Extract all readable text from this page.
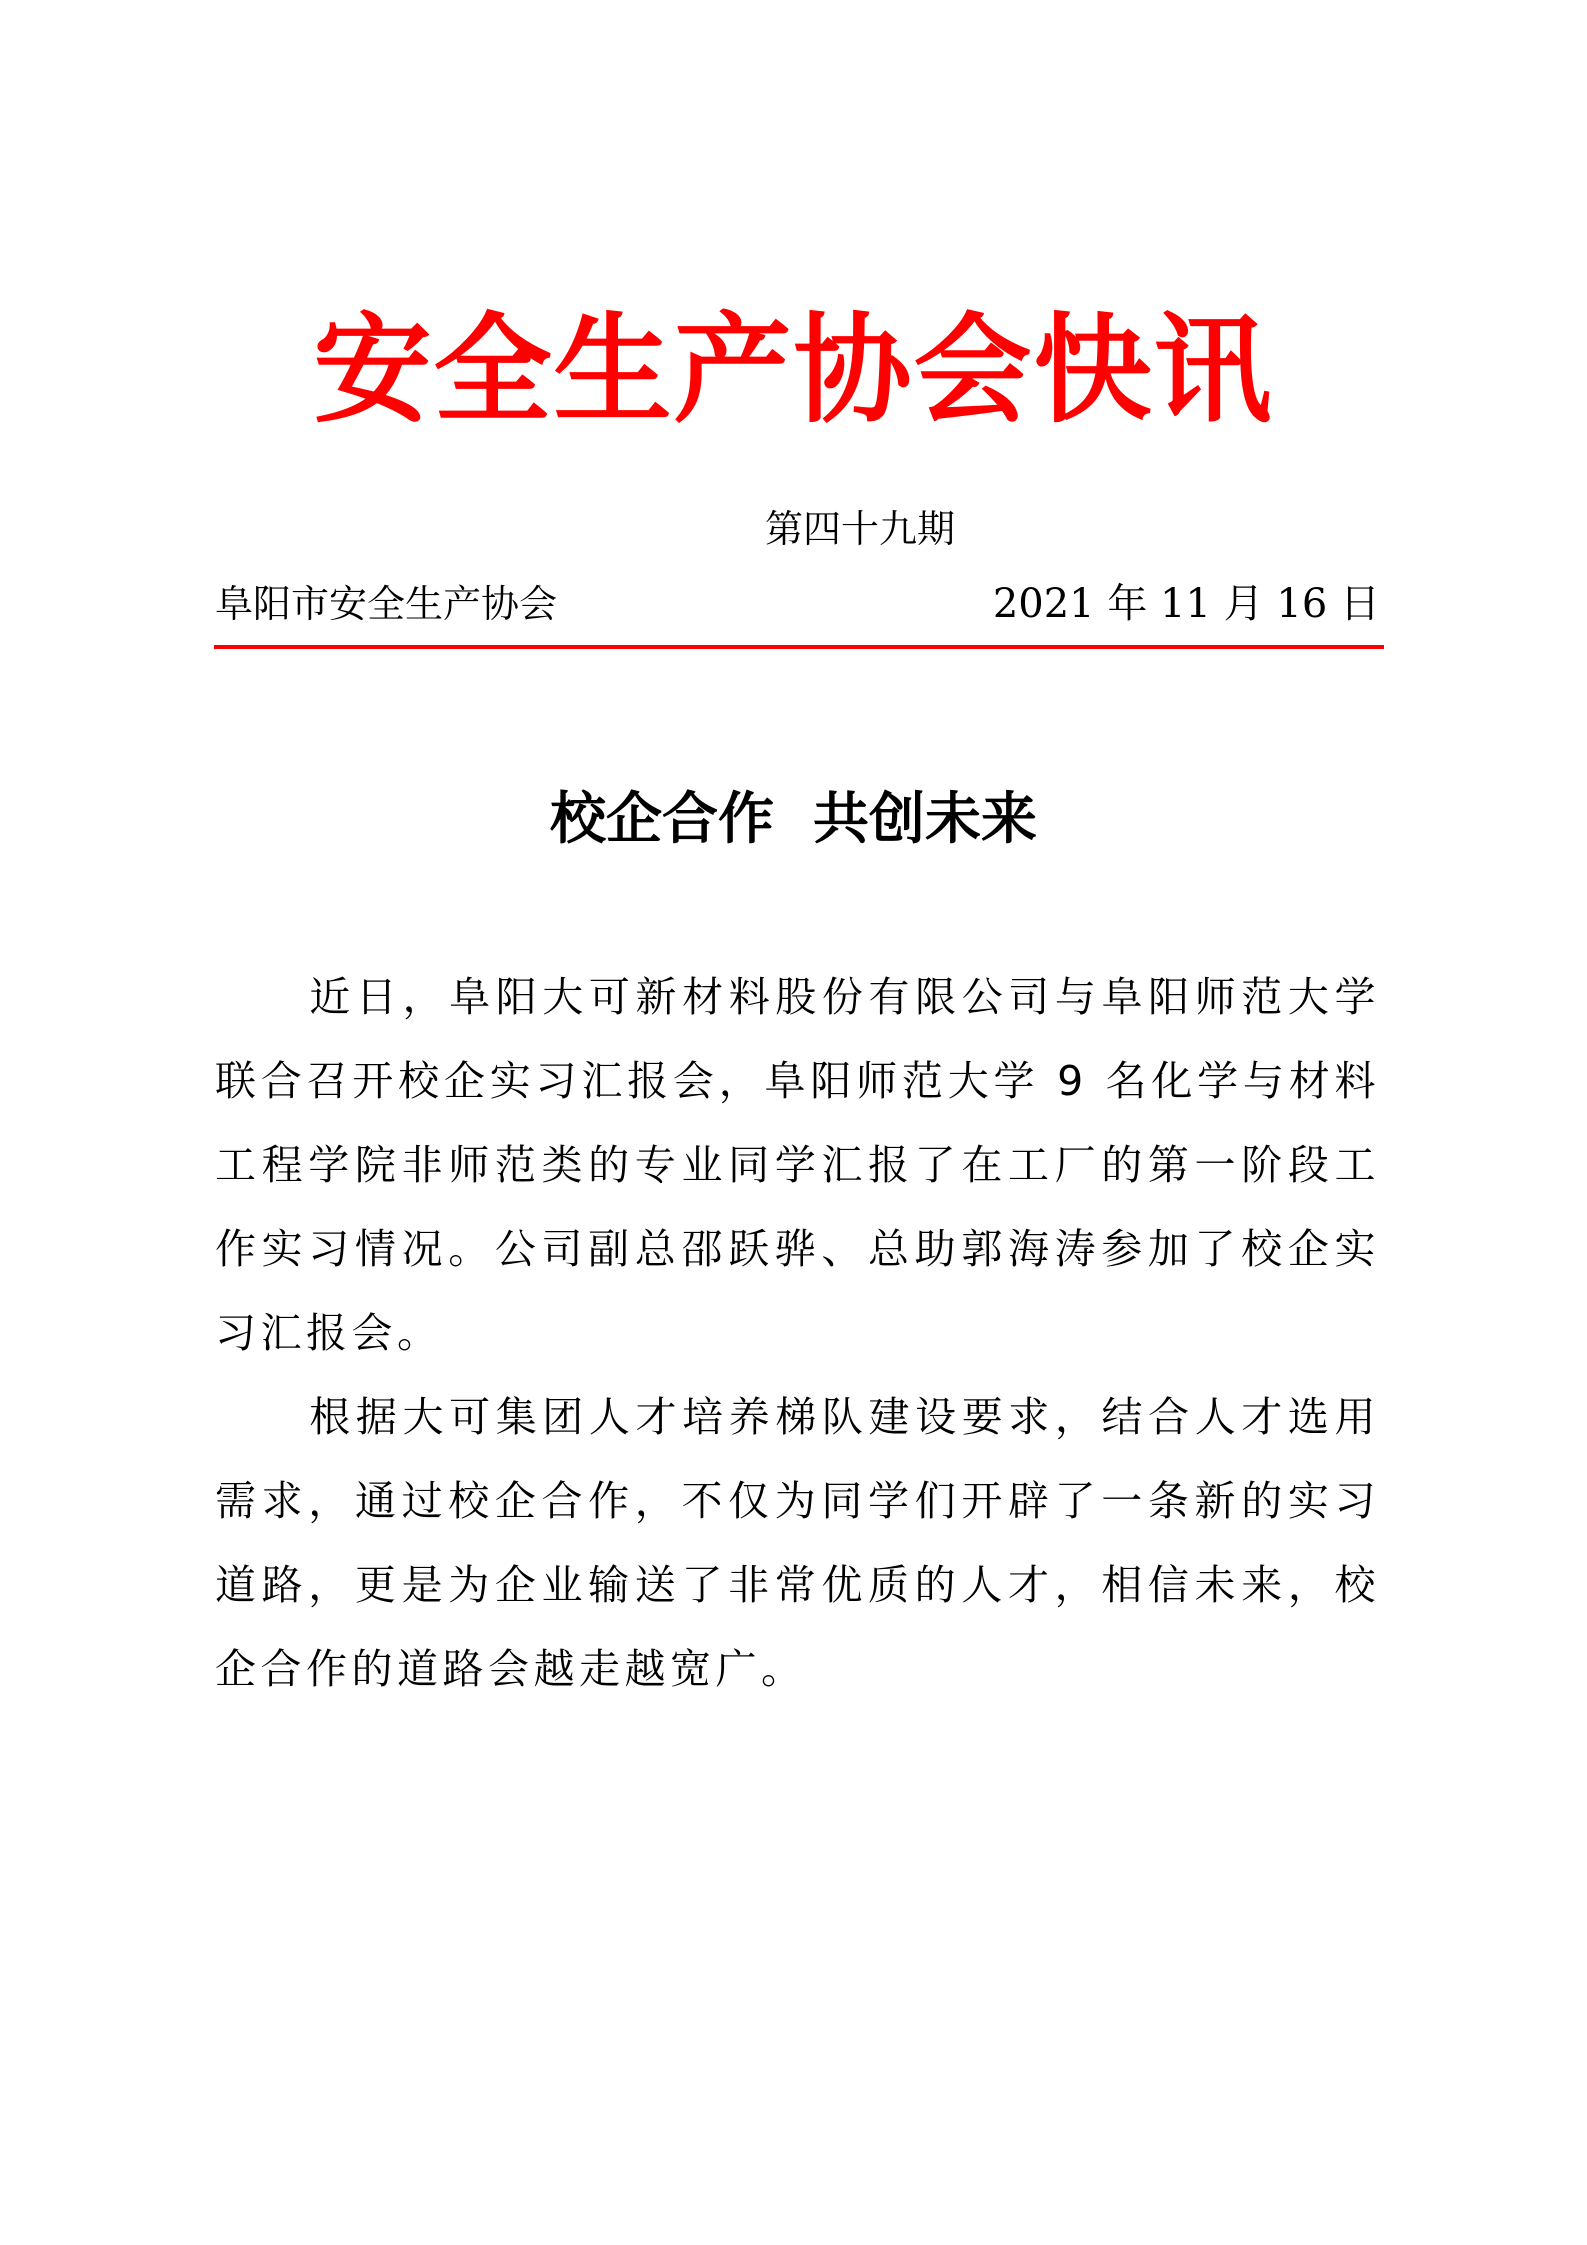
安全生产协会快讯
第四十九期
阜阳市安全生产协会	2021 年 11 月 16 日
校企合作  共创未来

近日，阜阳大可新材料股份有限公司与阜阳师范大学联合召开校企实习汇报会，阜阳师范大学 9 名化学与材料工程学院非师范类的专业同学汇报了在工厂的第一阶段工作实习情况。公司副总邵跃骅、总助郭海涛参加了校企实习汇报会。

根据大可集团人才培养梯队建设要求，结合人才选用需求，通过校企合作，不仅为同学们开辟了一条新的实习道路，更是为企业输送了非常优质的人才，相信未来，校企合作的道路会越走越宽广。
